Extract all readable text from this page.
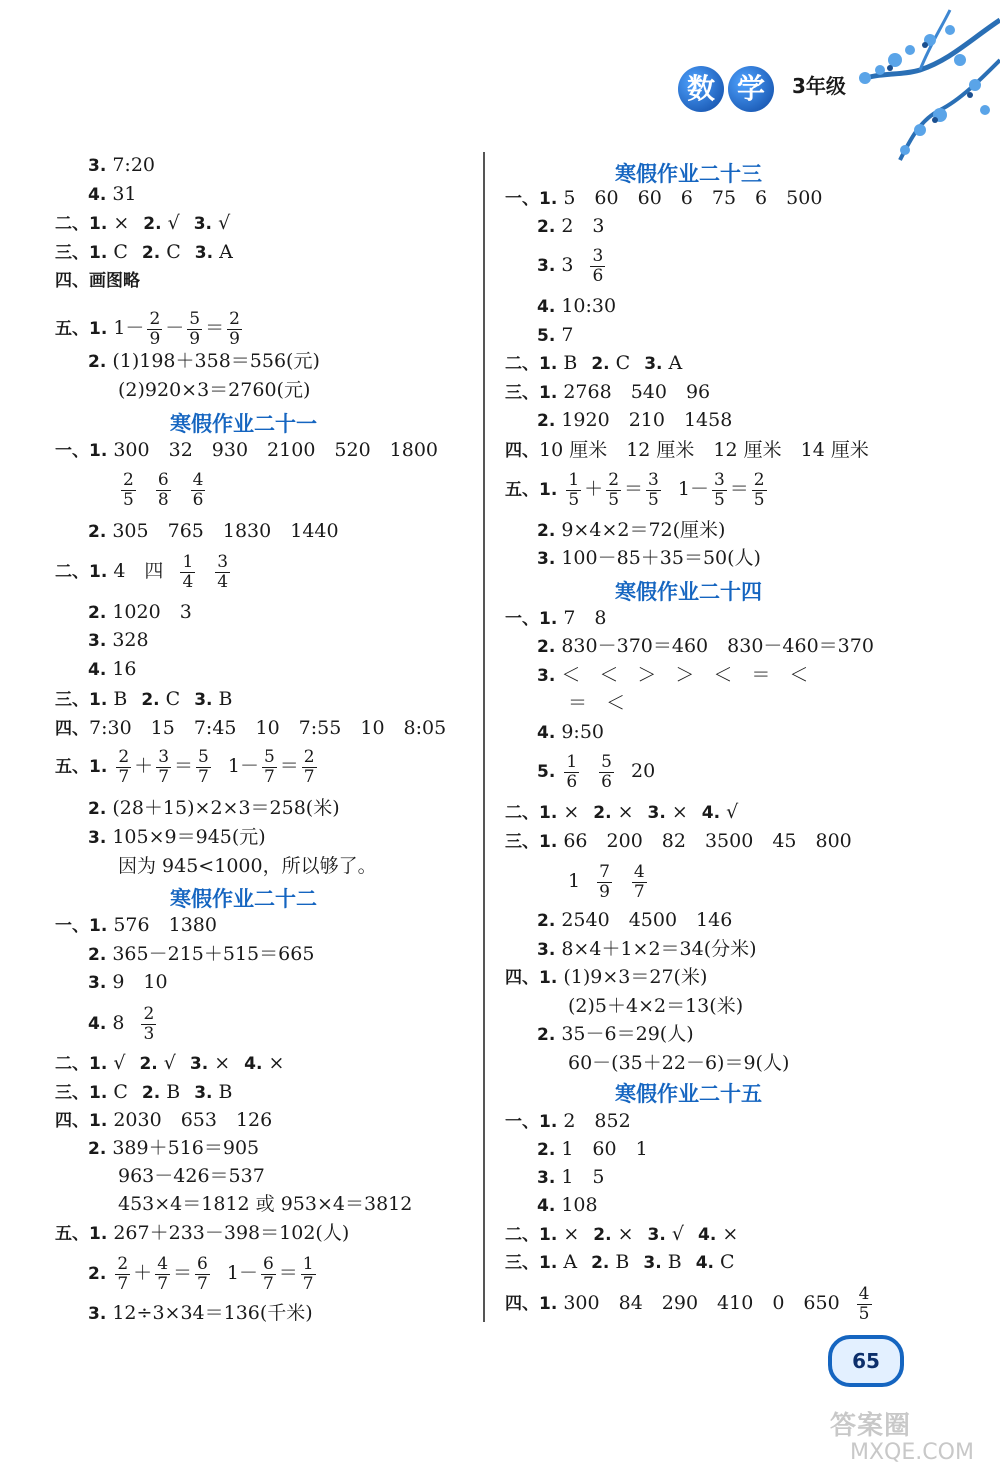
数 学	3年级
3. 7:20
4. 31
二、1. × 2. √ 3. √
三、1. C 2. C 3. A
四、画图略
五、1. $1- \frac{2}{9} - \frac{5}{9} = \frac{2}{9}$
2. (1)198＋358＝556(元)
(2)920×3＝2760(元)
寒假作业二十一
一、1. 300　32　930　2100　520　1800
$\frac{2}{5} \frac{6}{8} \frac{4}{6}$
2. 305　765　1830　1440
二、1. 4　四 $\frac{1}{4} \frac{3}{4}$
2. 1020　3
3. 328
4. 16
三、1. B 2. C 3. B
四、7:30　15　7:45　10　7:55　10　8:05
五、1. $\frac{2}{7} + \frac{3}{7} = \frac{5}{7} 1- \frac{5}{7} = \frac{2}{7}$
2. (28＋15)×2×3＝258(米)
3. 105×9＝945(元)
因为 945<1000，所以够了。
寒假作业二十二
一、1. 576　1380
2. 365－215＋515＝665
3. 9　10
4. $8 \frac{2}{3}$
二、1. √ 2. √ 3. × 4. ×
三、1. C 2. B 3. B
四、1. 2030　653　126
2. 389＋516＝905
963－426＝537
453×4＝1812 或 953×4＝3812
五、1. 267＋233－398＝102(人)
2. $\frac{2}{7} + \frac{4}{7} = \frac{6}{7} 1- \frac{6}{7} = \frac{1}{7}$
3. 12÷3×34＝136(千米)
寒假作业二十三
一、1. 5　60　60　6　75　6　500
2. 2　3
3. $3 \frac{3}{6}$
4. 10:30
5. 7
二、1. B 2. C 3. A
三、1. 2768　540　96
2. 1920　210　1458
四、10 厘米　12 厘米　12 厘米　14 厘米
五、1. $\frac{1}{5} + \frac{2}{5} = \frac{3}{5} 1- \frac{3}{5} = \frac{2}{5}$
2. 9×4×2＝72(厘米)
3. 100－85＋35＝50(人)
寒假作业二十四
一、1. 7　8
2. 830－370＝460　830－460＝370
3. ＜　＜　＞　＞　＜　＝　＜
＝　＜
4. 9:50
5. $\frac{1}{6} \frac{5}{6} 20$
二、1. × 2. × 3. × 4. √
三、1. 66　200　82　3500　45　800
$1 \frac{7}{9} \frac{4}{7}$
2. 2540　4500　146
3. 8×4＋1×2＝34(分米)
四、1. (1)9×3＝27(米)
(2)5＋4×2＝13(米)
2. 35－6＝29(人)
60－(35＋22－6)＝9(人)
寒假作业二十五
一、1. 2　852
2. 1　60　1
3. 1　5
4. 108
二、1. × 2. × 3. √ 4. ×
三、1. A 2. B 3. B 4. C
四、1. 300　84　290　410　0　$650 \frac{4}{5}$
65
答案圈
MXQE.COM
